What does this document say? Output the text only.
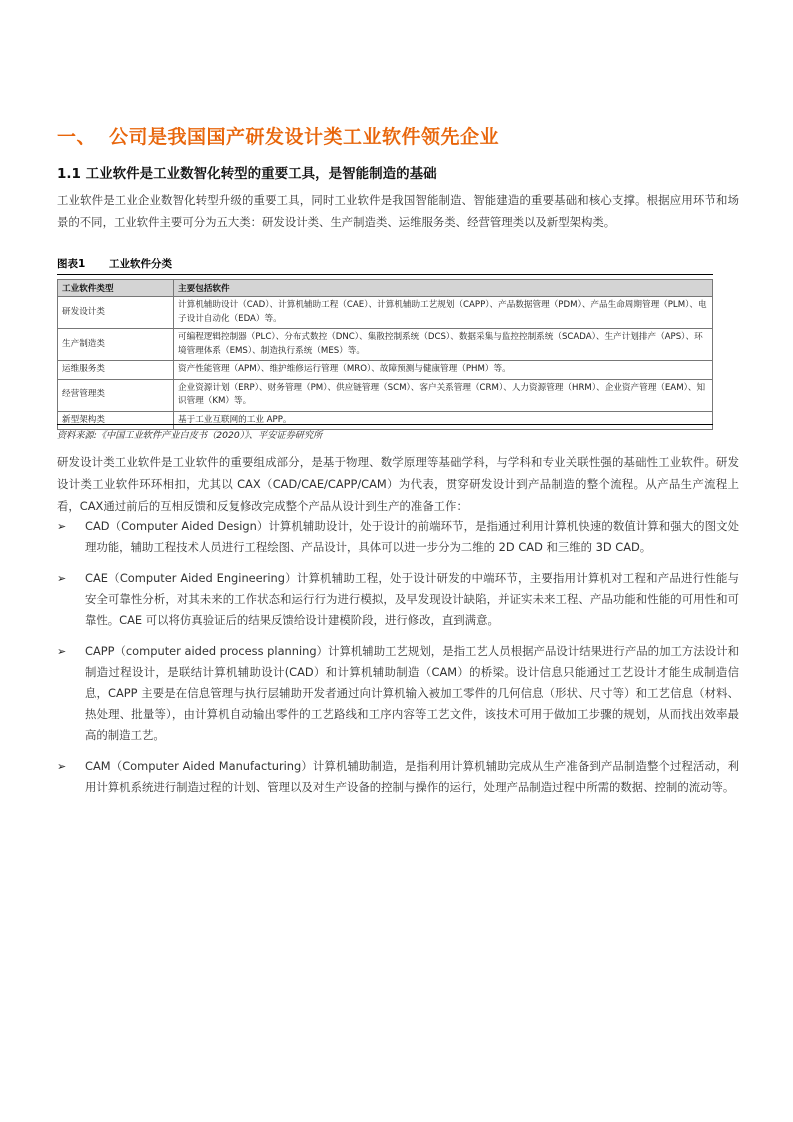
一、 公司是我国国产研发设计类工业软件领先企业
1.1 工业软件是工业数智化转型的重要工具，是智能制造的基础
工业软件是工业企业数智化转型升级的重要工具，同时工业软件是我国智能制造、智能建造的重要基础和核心支撑。根据应用环节和场景的不同，工业软件主要可分为五大类：研发设计类、生产制造类、运维服务类、经营管理类以及新型架构类。
图表1 工业软件分类
工业软件类型	主要包括软件
研发设计类	计算机辅助设计（CAD）、计算机辅助工程（CAE）、计算机辅助工艺规划（CAPP）、产品数据管理（PDM）、产品生命周期管理（PLM）、电子设计自动化（EDA）等。
生产制造类	可编程逻辑控制器（PLC）、分布式数控（DNC）、集散控制系统（DCS）、数据采集与监控控制系统（SCADA）、生产计划排产（APS）、环境管理体系（EMS）、制造执行系统（MES）等。
运维服务类	资产性能管理（APM）、维护维修运行管理（MRO）、故障预测与健康管理（PHM）等。
经营管理类	企业资源计划（ERP）、财务管理（PM）、供应链管理（SCM）、客户关系管理（CRM）、人力资源管理（HRM）、企业资产管理（EAM）、知识管理（KM）等。
新型架构类	基于工业互联网的工业 APP。
资料来源:《中国工业软件产业白皮书（2020）》、平安证券研究所
研发设计类工业软件是工业软件的重要组成部分，是基于物理、数学原理等基础学科，与学科和专业关联性强的基础性工业软件。研发设计类工业软件环环相扣，尤其以 CAX（CAD/CAE/CAPP/CAM）为代表，贯穿研发设计到产品制造的整个流程。从产品生产流程上看，CAX通过前后的互相反馈和反复修改完成整个产品从设计到生产的准备工作：
➢	CAD（Computer Aided Design）计算机辅助设计，处于设计的前端环节，是指通过利用计算机快速的数值计算和强大的图文处理功能，辅助工程技术人员进行工程绘图、产品设计，具体可以进一步分为二维的 2D CAD 和三维的 3D CAD。
➢	CAE（Computer Aided Engineering）计算机辅助工程，处于设计研发的中端环节，主要指用计算机对工程和产品进行性能与安全可靠性分析，对其未来的工作状态和运行行为进行模拟，及早发现设计缺陷，并证实未来工程、产品功能和性能的可用性和可靠性。CAE 可以将仿真验证后的结果反馈给设计建模阶段，进行修改，直到满意。
➢	CAPP（computer aided process planning）计算机辅助工艺规划，是指工艺人员根据产品设计结果进行产品的加工方法设计和制造过程设计，是联结计算机辅助设计(CAD）和计算机辅助制造（CAM）的桥梁。设计信息只能通过工艺设计才能生成制造信息，CAPP 主要是在信息管理与执行层辅助开发者通过向计算机输入被加工零件的几何信息（形状、尺寸等）和工艺信息（材料、热处理、批量等），由计算机自动输出零件的工艺路线和工序内容等工艺文件，该技术可用于做加工步骤的规划，从而找出效率最高的制造工艺。
➢	CAM（Computer Aided Manufacturing）计算机辅助制造，是指利用计算机辅助完成从生产准备到产品制造整个过程活动，利用计算机系统进行制造过程的计划、管理以及对生产设备的控制与操作的运行，处理产品制造过程中所需的数据、控制的流动等。
